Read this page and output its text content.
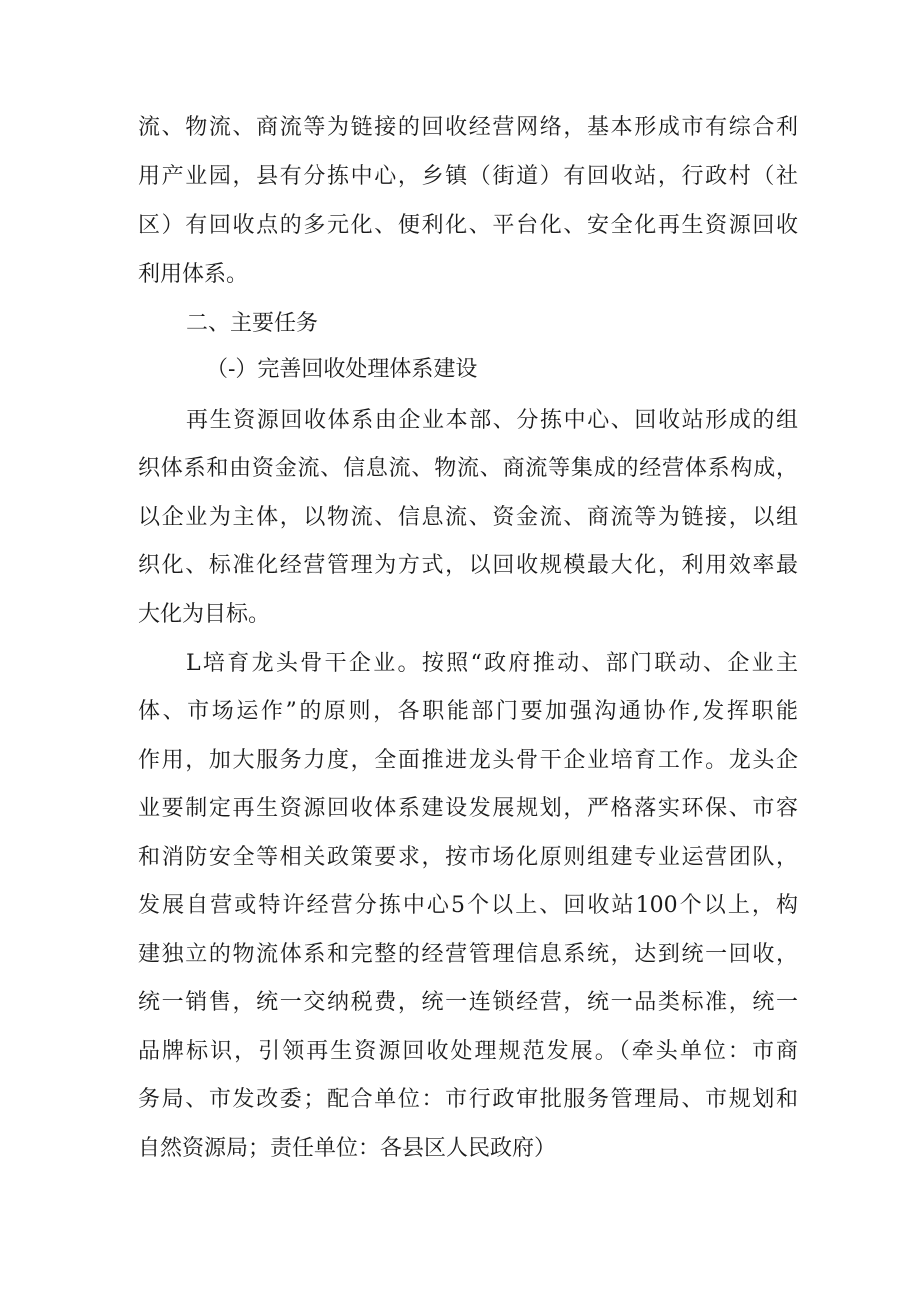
流、物流、商流等为链接的回收经营网络，基本形成市有综合利
用产业园，县有分拣中心，乡镇（街道）有回收站，行政村（社
区）有回收点的多元化、便利化、平台化、安全化再生资源回收
利用体系。
二、主要任务
（-）完善回收处理体系建设
再生资源回收体系由企业本部、分拣中心、回收站形成的组
织体系和由资金流、信息流、物流、商流等集成的经营体系构成，
以企业为主体，以物流、信息流、资金流、商流等为链接，以组
织化、标准化经营管理为方式，以回收规模最大化，利用效率最
大化为目标。
L培育龙头骨干企业。按照“政府推动、部门联动、企业主
体、市场运作”的原则，各职能部门要加强沟通协作,发挥职能
作用，加大服务力度，全面推进龙头骨干企业培育工作。龙头企
业要制定再生资源回收体系建设发展规划，严格落实环保、市容
和消防安全等相关政策要求，按市场化原则组建专业运营团队，
发展自营或特许经营分拣中心5个以上、回收站100个以上，构
建独立的物流体系和完整的经营管理信息系统，达到统一回收，
统一销售，统一交纳税费，统一连锁经营，统一品类标准，统一
品牌标识，引领再生资源回收处理规范发展。（牵头单位：市商
务局、市发改委；配合单位：市行政审批服务管理局、市规划和
自然资源局；责任单位：各县区人民政府）
